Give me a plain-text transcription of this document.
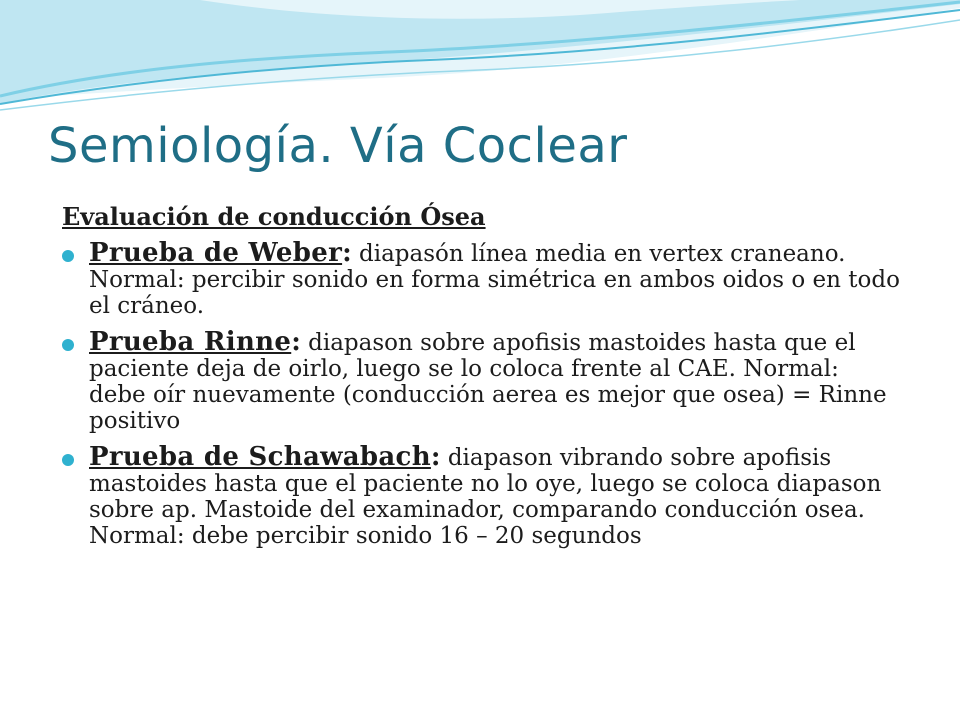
Semiología. Vía Coclear
Evaluación de conducción Ósea
Prueba de Weber: diapasón línea media en vertex craneano. Normal: percibir sonido en forma simétrica en ambos oidos o en todo el cráneo.
Prueba Rinne: diapason sobre apofisis mastoides hasta que el paciente deja de oirlo, luego se lo coloca frente al CAE. Normal: debe oír nuevamente (conducción aerea es mejor que osea) = Rinne positivo
Prueba de Schawabach: diapason vibrando sobre apofisis mastoides hasta que el paciente no lo oye, luego se coloca diapason sobre ap. Mastoide del examinador, comparando conducción osea. Normal: debe percibir sonido 16 – 20 segundos
